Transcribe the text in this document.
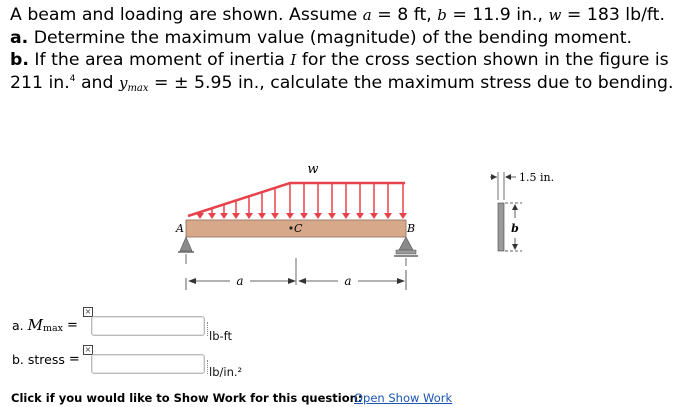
A beam and loading are shown. Assume a = 8 ft, b = 11.9 in., w = 183 lb/ft.

a. Determine the maximum value (magnitude) of the bending moment.

b. If the area moment of inertia I for the cross section shown in the figure is 211 in.$^4$ and ymax = ± 5.95 in., calculate the maximum stress due to bending.

w
A	C	B
a	a
1.5 in.
b
a.
M max =
×
lb-ft
b. stress =
×
lb/in.²
Click if you would like to Show Work for this question:
Open Show Work
